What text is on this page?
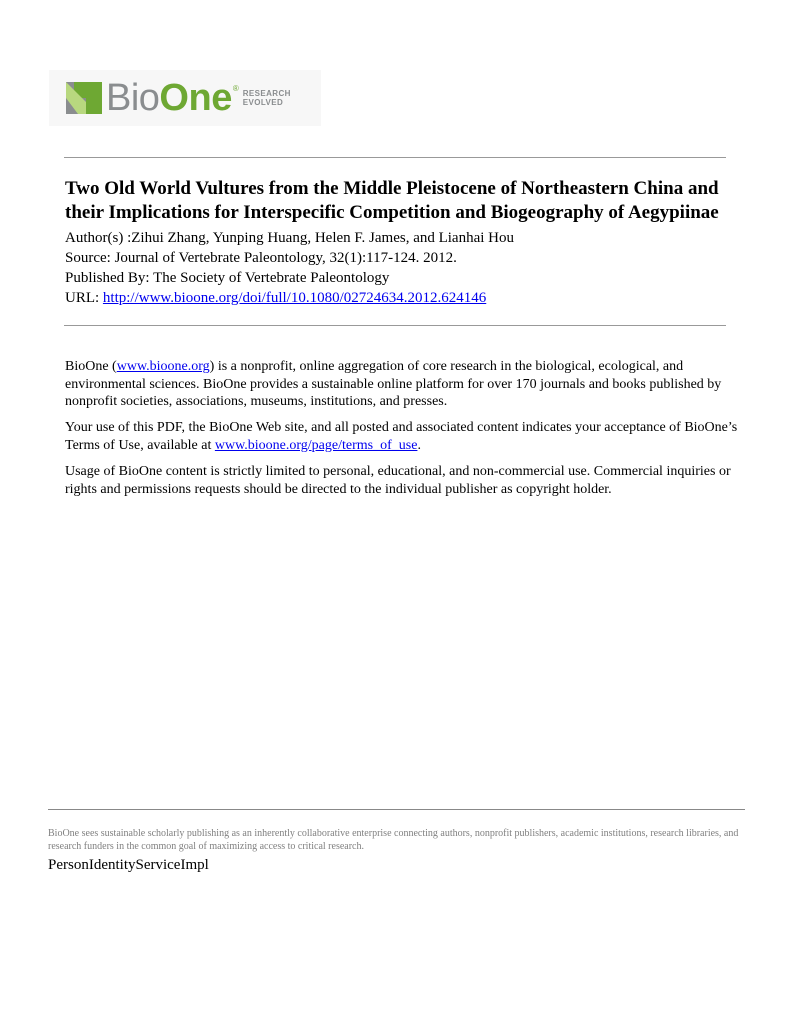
Bio One ®
RESEARCH
EVOLVED
Two Old World Vultures from the Middle Pleistocene of Northeastern China and their Implications for Interspecific Competition and Biogeography of Aegypiinae
Author(s) :Zihui Zhang, Yunping Huang, Helen F. James, and Lianhai Hou
Source: Journal of Vertebrate Paleontology, 32(1):117-124. 2012.
Published By: The Society of Vertebrate Paleontology
URL: http://www.bioone.org/doi/full/10.1080/02724634.2012.624146

BioOne (www.bioone.org) is a nonprofit, online aggregation of core research in the biological, ecological, and environmental sciences. BioOne provides a sustainable online platform for over 170 journals and books published by nonprofit societies, associations, museums, institutions, and presses.

Your use of this PDF, the BioOne Web site, and all posted and associated content indicates your acceptance of BioOne’s Terms of Use, available at www.bioone.org/page/terms_of_use.

Usage of BioOne content is strictly limited to personal, educational, and non-commercial use. Commercial inquiries or rights and permissions requests should be directed to the individual publisher as copyright holder.

BioOne sees sustainable scholarly publishing as an inherently collaborative enterprise connecting authors, nonprofit publishers, academic institutions, research libraries, and research funders in the common goal of maximizing access to critical research.

PersonIdentityServiceImpl
